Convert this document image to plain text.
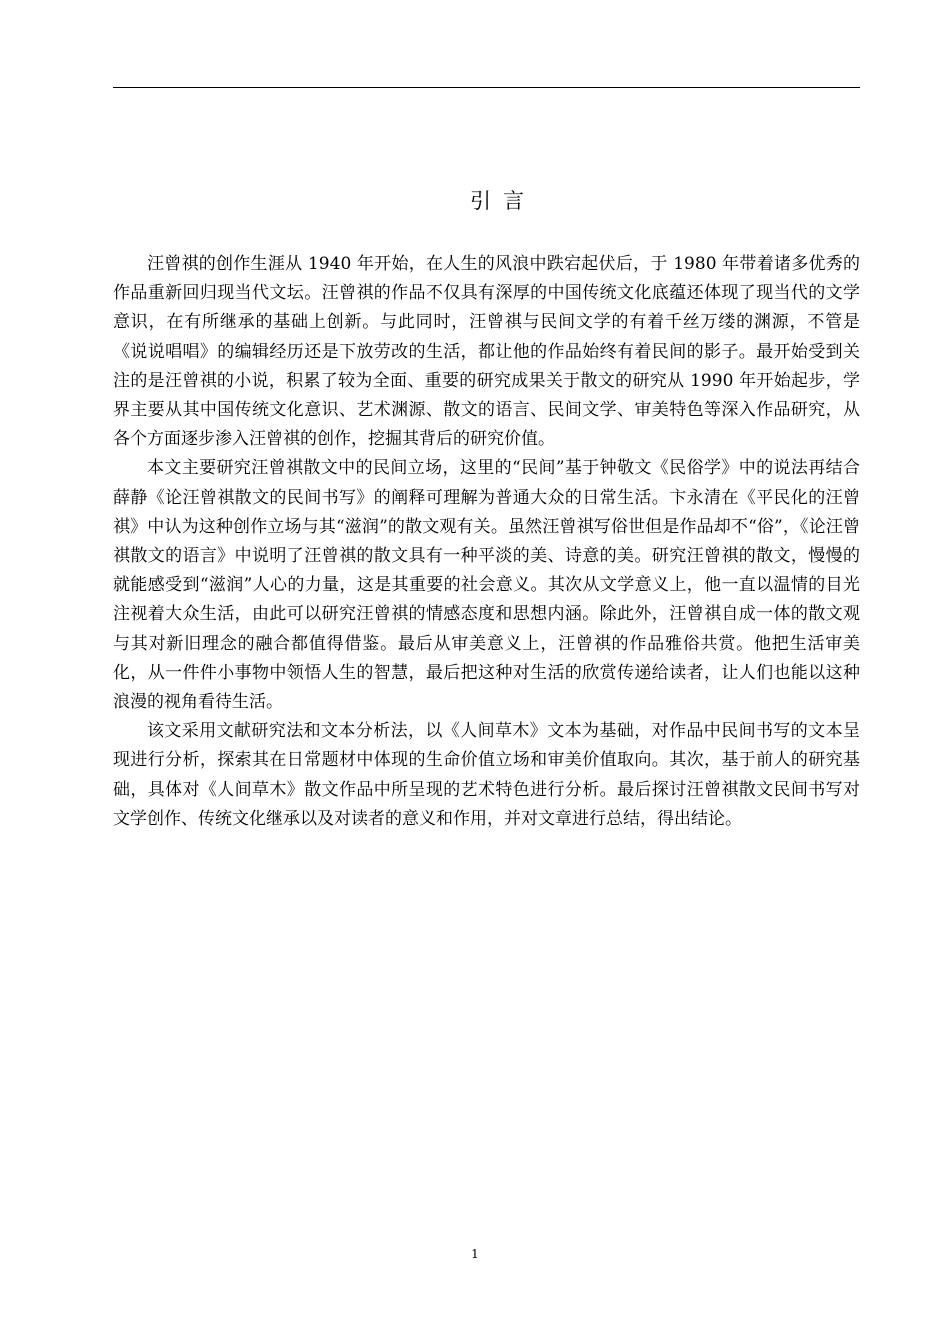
引言

汪曾祺的创作生涯从 1940 年开始，在人生的风浪中跌宕起伏后，于 1980 年带着诸多优秀的作品重新回归现当代文坛。汪曾祺的作品不仅具有深厚的中国传统文化底蕴还体现了现当代的文学意识，在有所继承的基础上创新。与此同时，汪曾祺与民间文学的有着千丝万缕的渊源，不管是《说说唱唱》的编辑经历还是下放劳改的生活，都让他的作品始终有着民间的影子。最开始受到关注的是汪曾祺的小说，积累了较为全面、重要的研究成果关于散文的研究从 1990 年开始起步，学界主要从其中国传统文化意识、艺术渊源、散文的语言、民间文学、审美特色等深入作品研究，从各个方面逐步渗入汪曾祺的创作，挖掘其背后的研究价值。

本文主要研究汪曾祺散文中的民间立场，这里的“民间”基于钟敬文《民俗学》中的说法再结合薛静《论汪曾祺散文的民间书写》的阐释可理解为普通大众的日常生活。卞永清在《平民化的汪曾祺》中认为这种创作立场与其“滋润”的散文观有关。虽然汪曾祺写俗世但是作品却不“俗”，《论汪曾祺散文的语言》中说明了汪曾祺的散文具有一种平淡的美、诗意的美。研究汪曾祺的散文，慢慢的就能感受到“滋润”人心的力量，这是其重要的社会意义。其次从文学意义上，他一直以温情的目光注视着大众生活，由此可以研究汪曾祺的情感态度和思想内涵。除此外，汪曾祺自成一体的散文观与其对新旧理念的融合都值得借鉴。最后从审美意义上，汪曾祺的作品雅俗共赏。他把生活审美化，从一件件小事物中领悟人生的智慧，最后把这种对生活的欣赏传递给读者，让人们也能以这种浪漫的视角看待生活。

该文采用文献研究法和文本分析法，以《人间草木》文本为基础，对作品中民间书写的文本呈现进行分析，探索其在日常题材中体现的生命价值立场和审美价值取向。其次，基于前人的研究基础，具体对《人间草木》散文作品中所呈现的艺术特色进行分析。最后探讨汪曾祺散文民间书写对文学创作、传统文化继承以及对读者的意义和作用，并对文章进行总结，得出结论。

1
